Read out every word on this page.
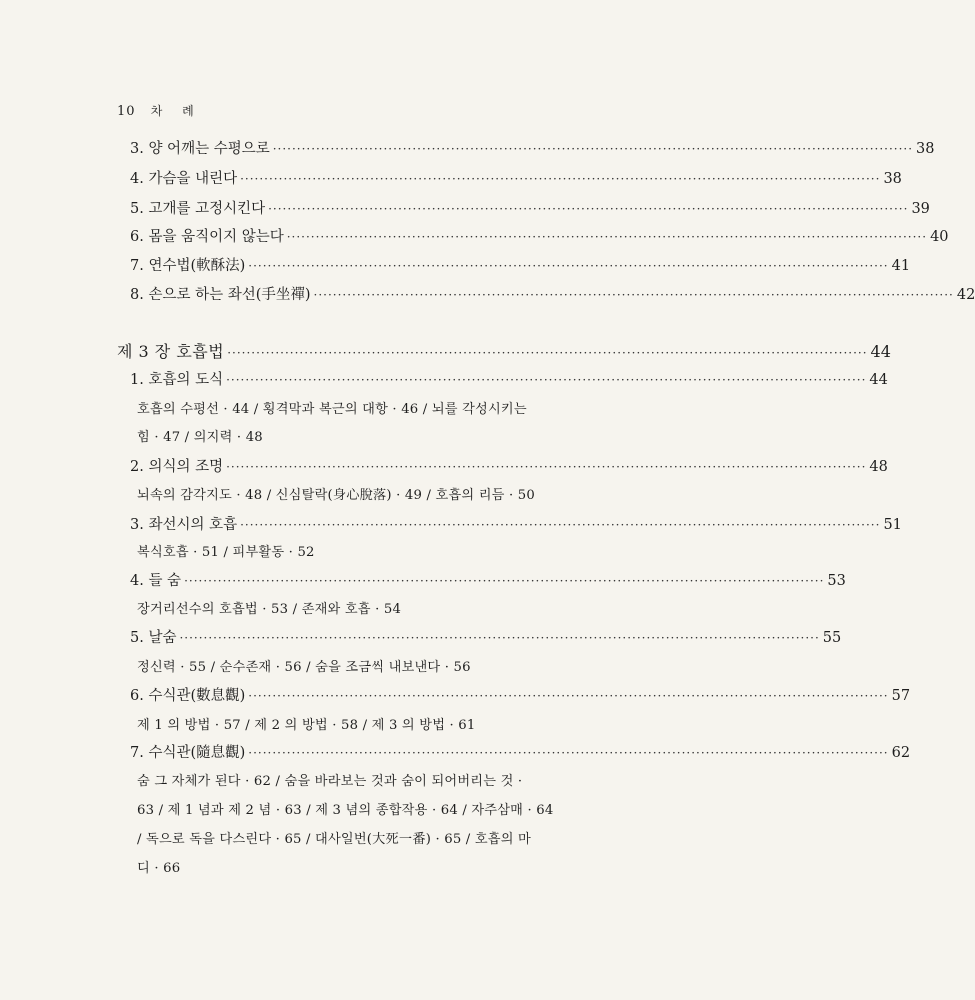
10 차 례
3. 양 어깨는 수평으로 ····································································································································· 38
4. 가슴을 내린다 ····································································································································· 38
5. 고개를 고정시킨다 ····································································································································· 39
6. 몸을 움직이지 않는다 ····································································································································· 40
7. 연수법(軟酥法) ····································································································································· 41
8. 손으로 하는 좌선(手坐禪) ····································································································································· 42
제 3 장 호흡법 ····································································································································· 44
1. 호흡의 도식 ····································································································································· 44
호흡의 수평선 · 44 / 횡격막과 복근의 대항 · 46 / 뇌를 각성시키는
힘 · 47 / 의지력 · 48
2. 의식의 조명 ····································································································································· 48
뇌속의 감각지도 · 48 / 신심탈락(身心脫落) · 49 / 호흡의 리듬 · 50
3. 좌선시의 호흡 ····································································································································· 51
복식호흡 · 51 / 피부활동 · 52
4. 들 숨 ····································································································································· 53
장거리선수의 호흡법 · 53 / 존재와 호흡 · 54
5. 날숨 ····································································································································· 55
정신력 · 55 / 순수존재 · 56 / 숨을 조금씩 내보낸다 · 56
6. 수식관(數息觀) ····································································································································· 57
제 1 의 방법 · 57 / 제 2 의 방법 · 58 / 제 3 의 방법 · 61
7. 수식관(隨息觀) ····································································································································· 62
숨 그 자체가 된다 · 62 / 숨을 바라보는 것과 숨이 되어버리는 것 ·
63 / 제 1 념과 제 2 념 · 63 / 제 3 념의 종합작용 · 64 / 자주삼매 · 64
/ 독으로 독을 다스린다 · 65 / 대사일번(大死一番) · 65 / 호흡의 마
디 · 66
